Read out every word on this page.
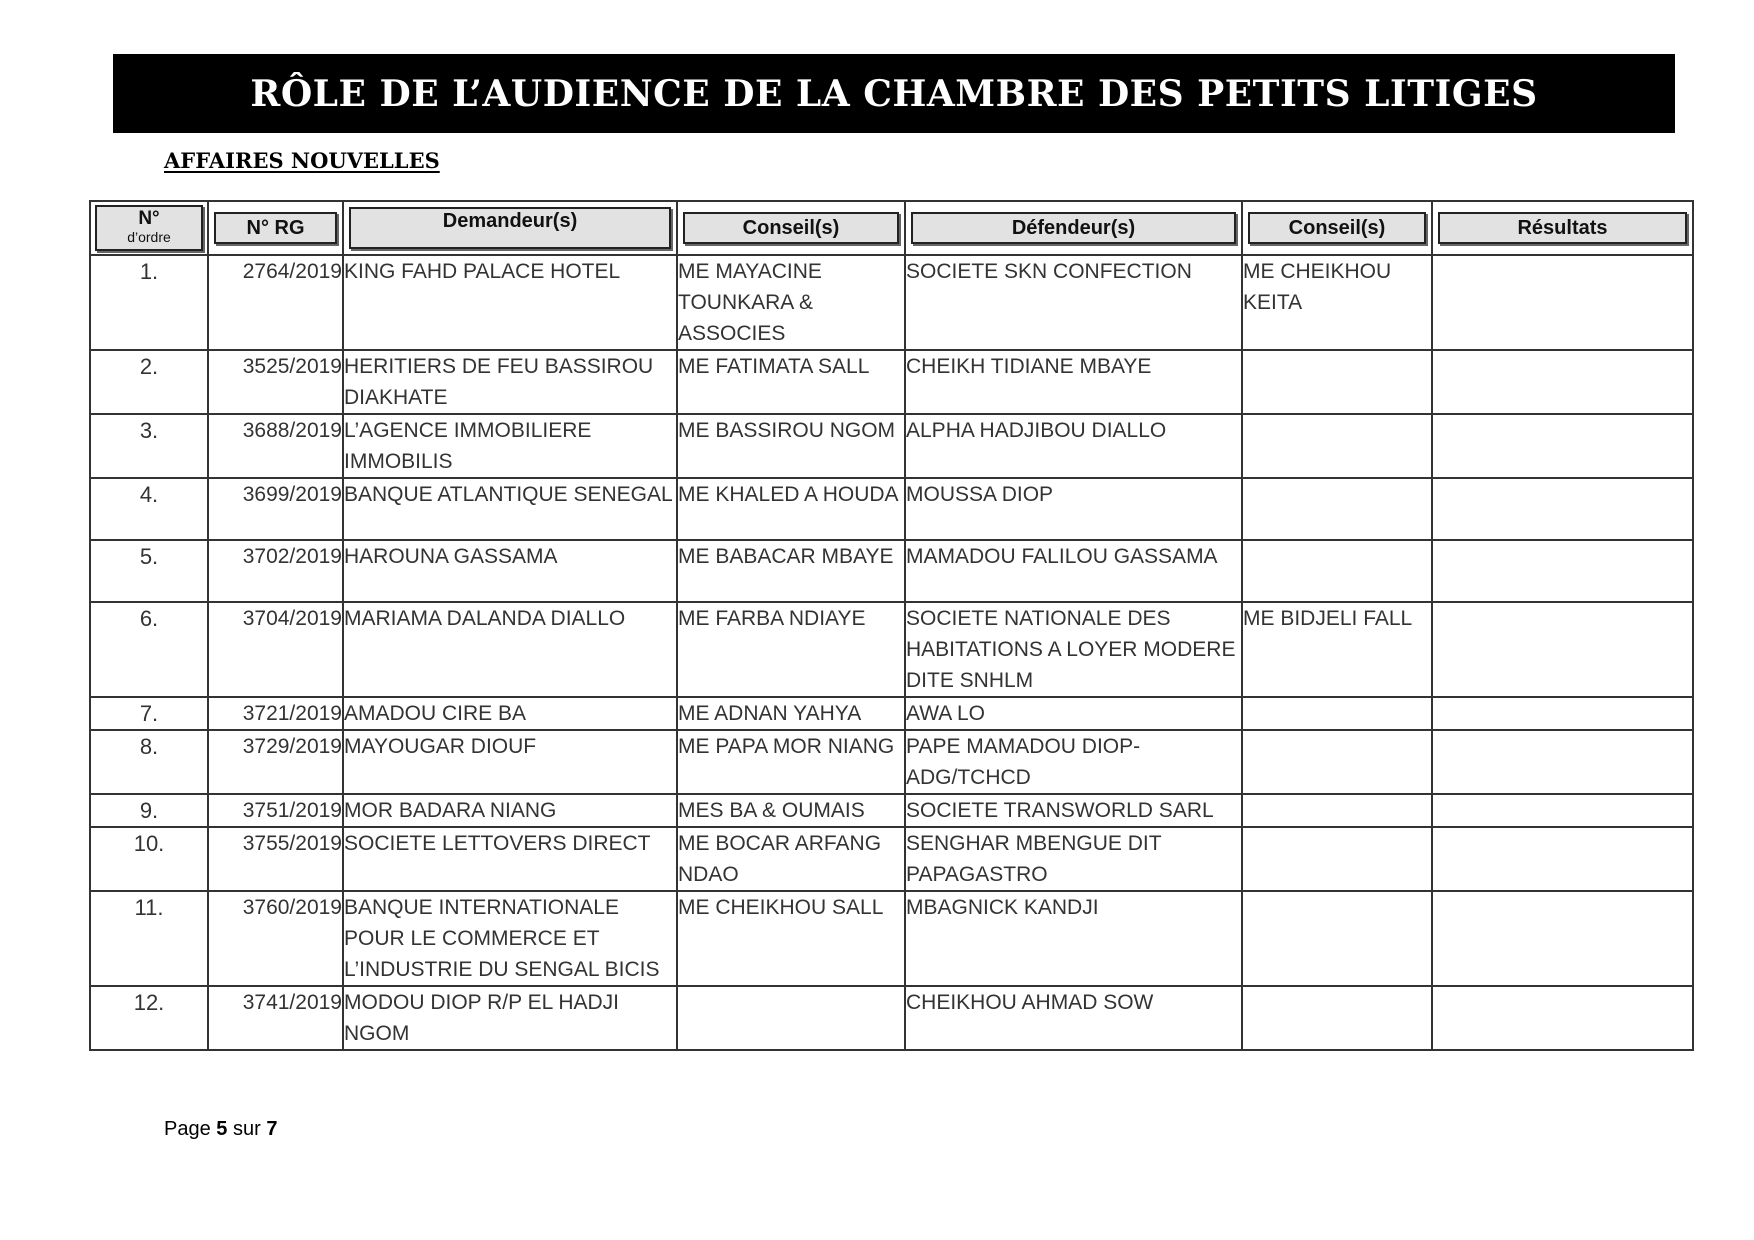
RÔLE DE L’AUDIENCE DE LA CHAMBRE DES PETITS LITIGES
AFFAIRES NOUVELLES
N°
d’ordre	N° RG	Demandeur(s)	Conseil(s)	Défendeur(s)	Conseil(s)	Résultats

1.	2764/2019	KING FAHD PALACE HOTEL	ME MAYACINE TOUNKARA & ASSOCIES	SOCIETE SKN CONFECTION	ME CHEIKHOU KEITA	
2.	3525/2019	HERITIERS DE FEU BASSIROU DIAKHATE	ME FATIMATA SALL	CHEIKH TIDIANE MBAYE		
3.	3688/2019	L’AGENCE IMMOBILIERE IMMOBILIS	ME BASSIROU NGOM	ALPHA HADJIBOU DIALLO		
4.	3699/2019	BANQUE ATLANTIQUE SENEGAL	ME KHALED A HOUDA	MOUSSA DIOP		
5.	3702/2019	HAROUNA GASSAMA	ME BABACAR MBAYE	MAMADOU FALILOU GASSAMA		
6.	3704/2019	MARIAMA DALANDA DIALLO	ME FARBA NDIAYE	SOCIETE NATIONALE DES HABITATIONS A LOYER MODERE DITE SNHLM	ME BIDJELI FALL	
7.	3721/2019	AMADOU CIRE BA	ME ADNAN YAHYA	AWA LO		
8.	3729/2019	MAYOUGAR DIOUF	ME PAPA MOR NIANG	PAPE MAMADOU DIOP-ADG/TCHCD		
9.	3751/2019	MOR BADARA NIANG	MES BA & OUMAIS	SOCIETE TRANSWORLD SARL		
10.	3755/2019	SOCIETE LETTOVERS DIRECT	ME BOCAR ARFANG NDAO	SENGHAR MBENGUE DIT PAPAGASTRO		
11.	3760/2019	BANQUE INTERNATIONALE POUR LE COMMERCE ET L’INDUSTRIE DU SENGAL BICIS	ME CHEIKHOU SALL	MBAGNICK KANDJI		
12.	3741/2019	MODOU DIOP R/P EL HADJI NGOM		CHEIKHOU AHMAD SOW		
Page 5 sur 7
